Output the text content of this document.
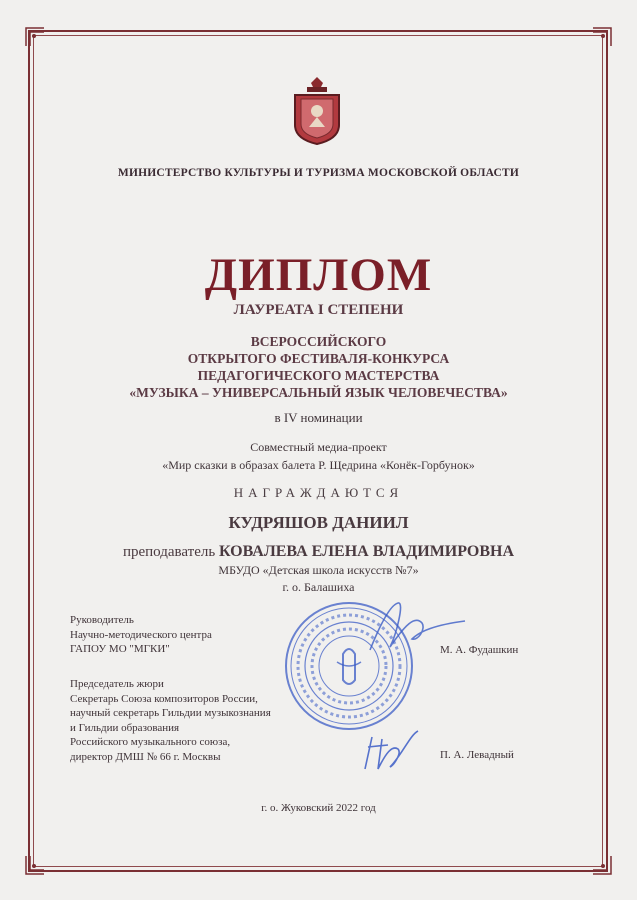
МИНИСТЕРСТВО КУЛЬТУРЫ И ТУРИЗМА МОСКОВСКОЙ ОБЛАСТИ
ДИПЛОМ
ЛАУРЕАТА I СТЕПЕНИ
ВСЕРОССИЙСКОГО
ОТКРЫТОГО ФЕСТИВАЛЯ-КОНКУРСА
ПЕДАГОГИЧЕСКОГО МАСТЕРСТВА
«МУЗЫКА – УНИВЕРСАЛЬНЫЙ ЯЗЫК ЧЕЛОВЕЧЕСТВА»
в IV номинации
Совместный медиа-проект
«Мир сказки в образах балета Р. Щедрина «Конёк-Горбунок»
НАГРАЖДАЮТСЯ
КУДРЯШОВ ДАНИИЛ
преподаватель КОВАЛЕВА ЕЛЕНА ВЛАДИМИРОВНА
МБУДО «Детская школа искусств №7»
г. о. Балашиха
Руководитель
Научно-методического центра
ГАПОУ МО "МГКИ"	М. А. Фудашкин
Председатель жюри
Секретарь Союза композиторов России,
научный секретарь Гильдии музыкознания
и Гильдии образования
Российского музыкального союза,
директор ДМШ № 66 г. Москвы	П. А. Левадный
г. о. Жуковский 2022 год
